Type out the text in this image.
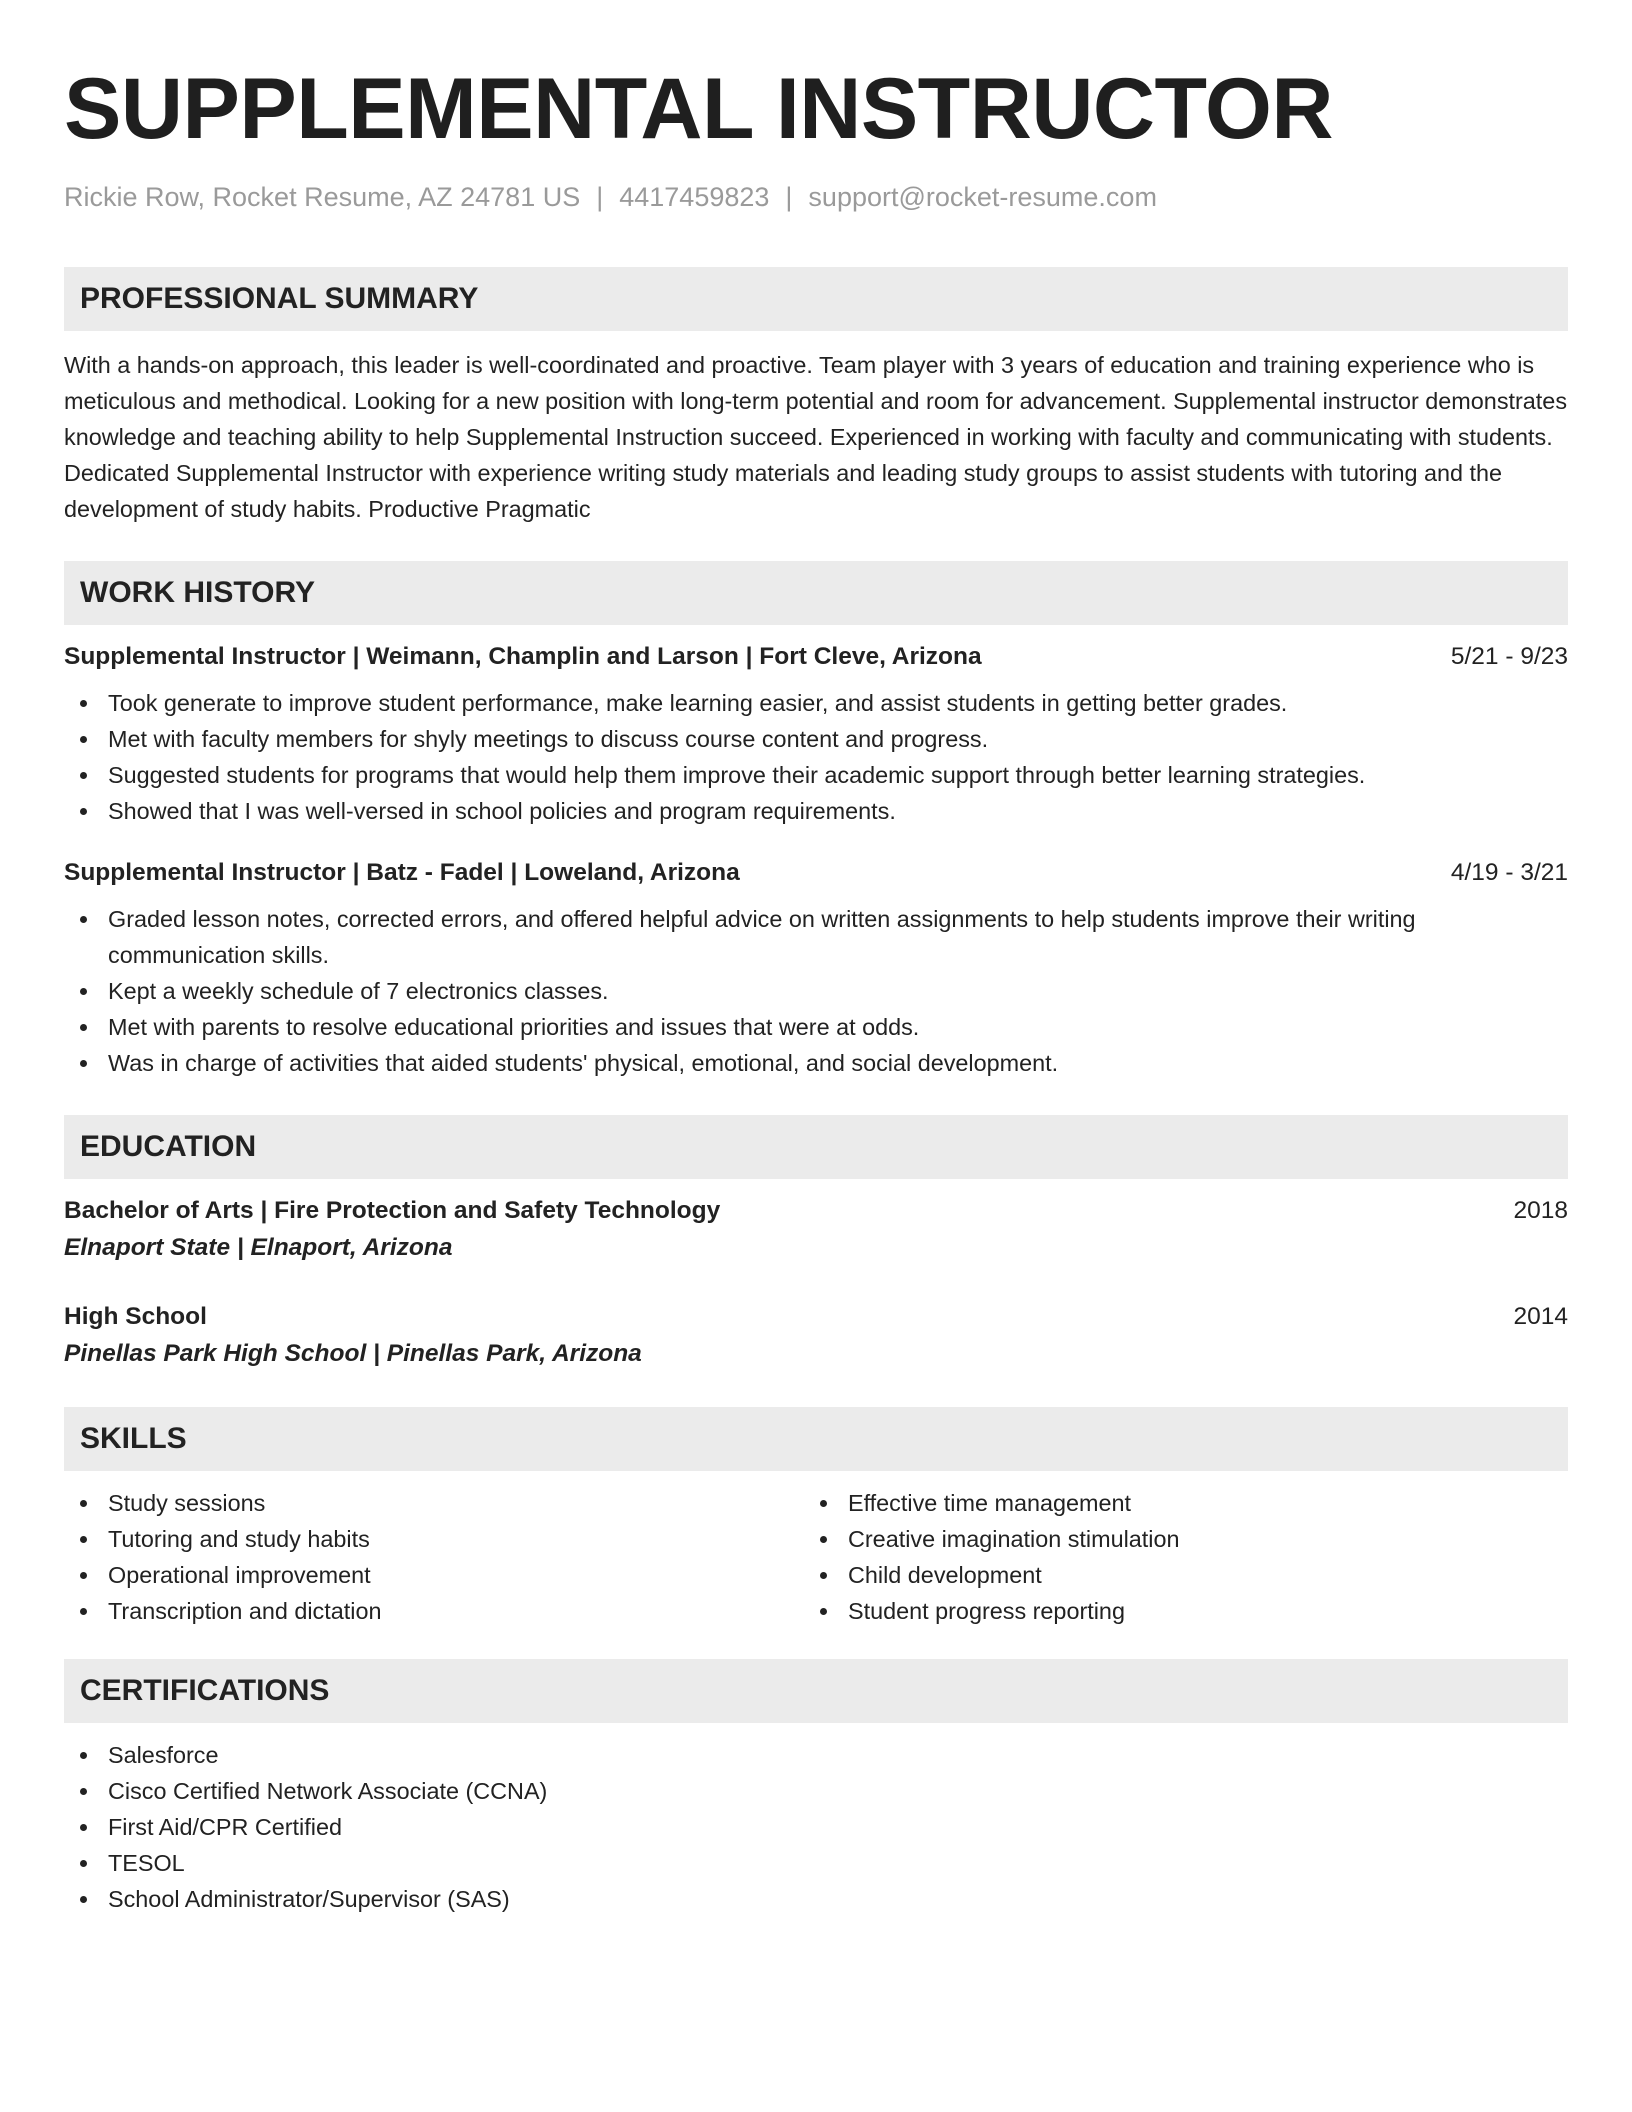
SUPPLEMENTAL INSTRUCTOR
Rickie Row, Rocket Resume, AZ 24781 US | 4417459823 | support@rocket-resume.com
PROFESSIONAL SUMMARY

With a hands-on approach, this leader is well-coordinated and proactive. Team player with 3 years of education and training experience who is meticulous and methodical. Looking for a new position with long-term potential and room for advancement. Supplemental instructor demonstrates knowledge and teaching ability to help Supplemental Instruction succeed. Experienced in working with faculty and communicating with students. Dedicated Supplemental Instructor with experience writing study materials and leading study groups to assist students with tutoring and the development of study habits. Productive Pragmatic

WORK HISTORY
Supplemental Instructor | Weimann, Champlin and Larson | Fort Cleve, Arizona	5/21 - 9/23
Took generate to improve student performance, make learning easier, and assist students in getting better grades.
Met with faculty members for shyly meetings to discuss course content and progress.
Suggested students for programs that would help them improve their academic support through better learning strategies.
Showed that I was well-versed in school policies and program requirements.
Supplemental Instructor | Batz - Fadel | Loweland, Arizona	4/19 - 3/21
Graded lesson notes, corrected errors, and offered helpful advice on written assignments to help students improve their writing communication skills.
Kept a weekly schedule of 7 electronics classes.
Met with parents to resolve educational priorities and issues that were at odds.
Was in charge of activities that aided students' physical, emotional, and social development.
EDUCATION
Bachelor of Arts | Fire Protection and Safety Technology	2018
Elnaport State | Elnaport, Arizona
High School	2014
Pinellas Park High School | Pinellas Park, Arizona
SKILLS
Study sessions
Tutoring and study habits
Operational improvement
Transcription and dictation
Effective time management
Creative imagination stimulation
Child development
Student progress reporting
CERTIFICATIONS
Salesforce
Cisco Certified Network Associate (CCNA)
First Aid/CPR Certified
TESOL
School Administrator/Supervisor (SAS)
